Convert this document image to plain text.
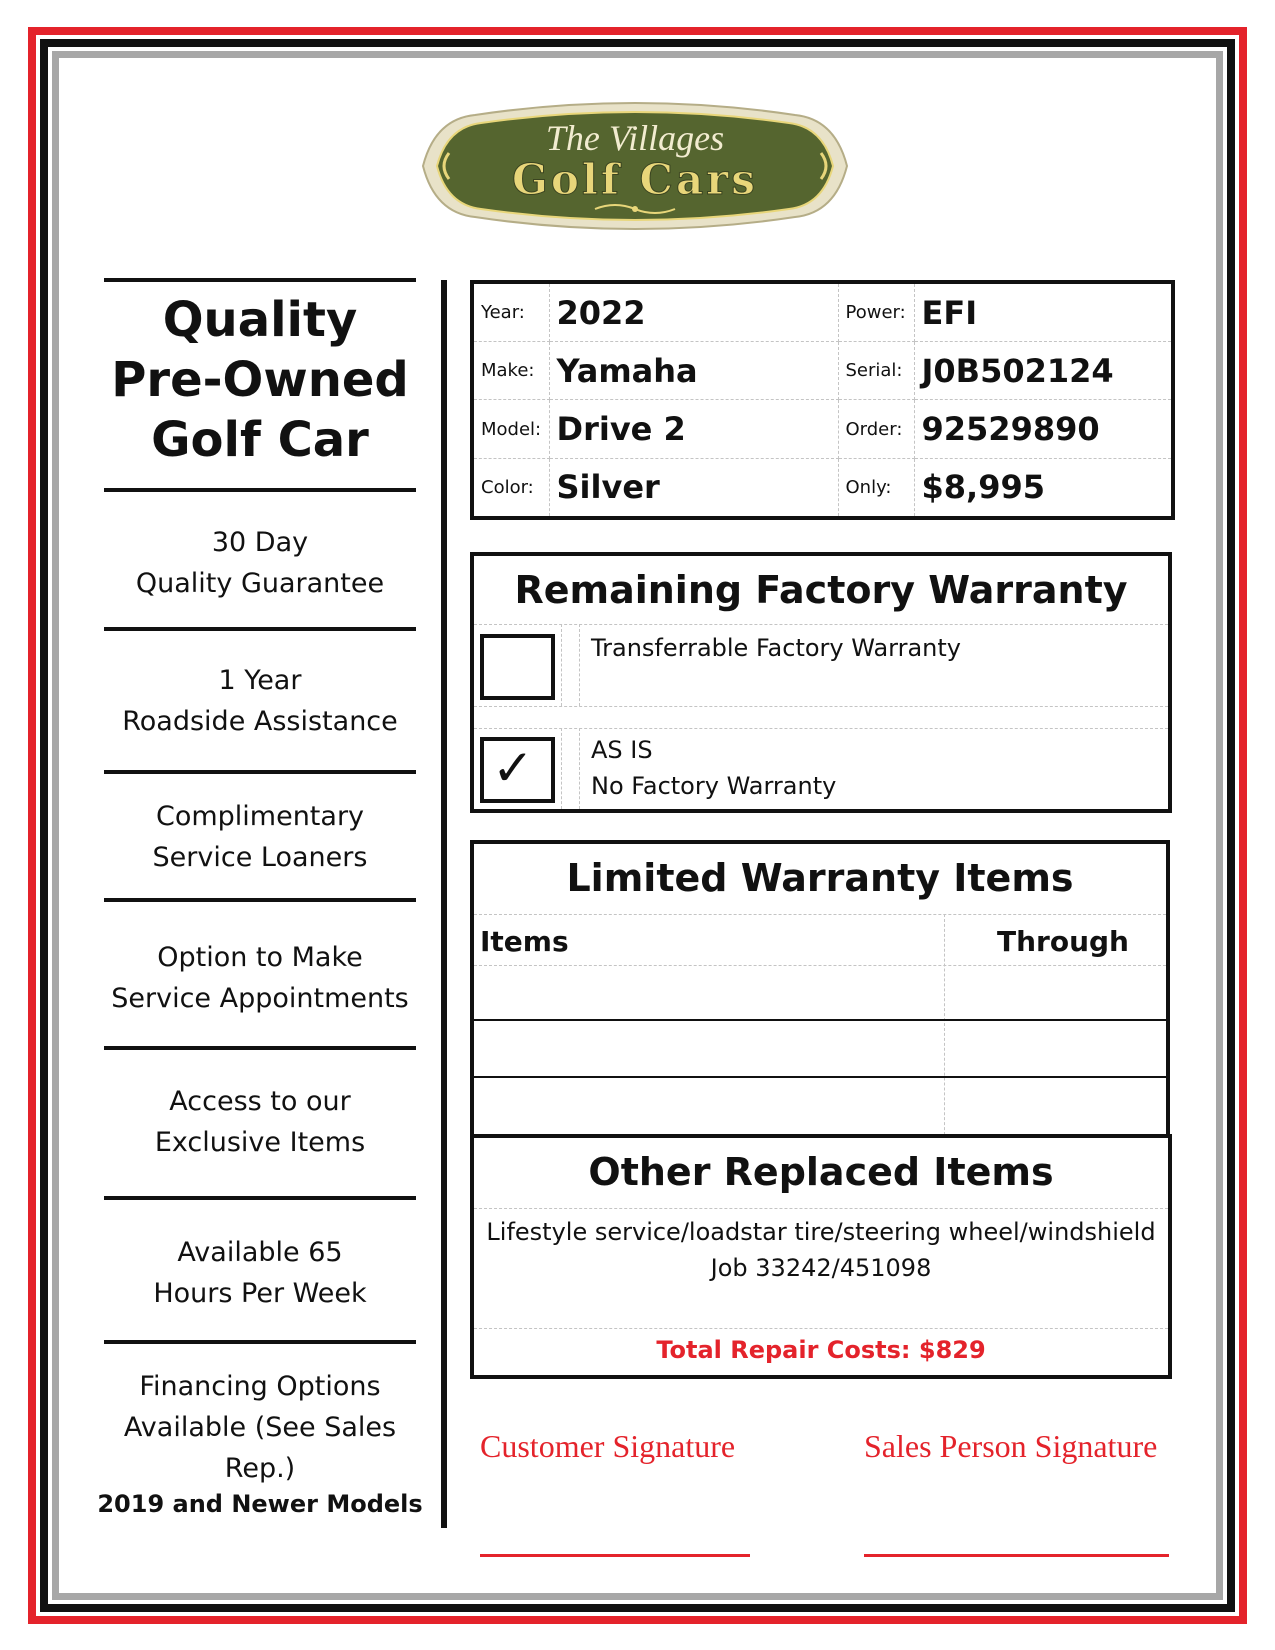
The Villages
Golf Cars
Quality
Pre-Owned
Golf Car
30 Day
Quality Guarantee
1 Year
Roadside Assistance
Complimentary
Service Loaners
Option to Make
Service Appointments
Access to our
Exclusive Items
Available 65
Hours Per Week
Financing Options
Available (See Sales Rep.)
2019 and Newer Models
Year:	2022	Power:	EFI
Make:	Yamaha	Serial:	J0B502124
Model:	Drive 2	Order:	92529890
Color:	Silver	Only:	$8,995
Remaining Factory Warranty
Transferrable Factory Warranty
✓ AS IS
No Factory Warranty
Limited Warranty Items
Items	Through
Other Replaced Items
Lifestyle service/loadstar tire/steering wheel/windshield
Job 33242/451098
Total Repair Costs: $829
Customer Signature	Sales Person Signature
